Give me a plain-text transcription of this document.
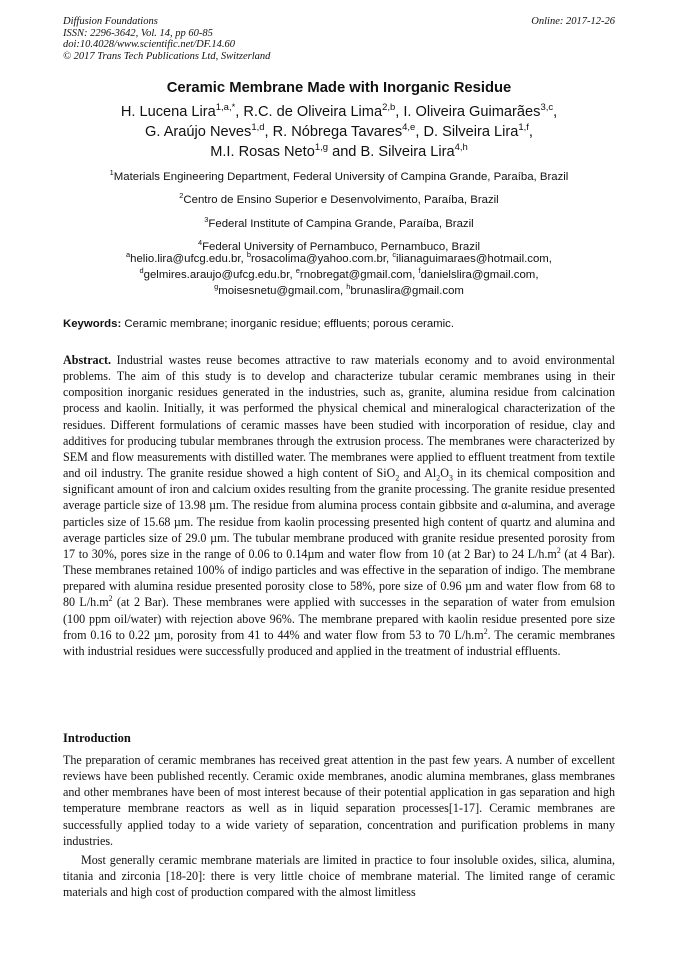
Diffusion Foundations
ISSN: 2296-3642, Vol. 14, pp 60-85
doi:10.4028/www.scientific.net/DF.14.60
© 2017 Trans Tech Publications Ltd, Switzerland
Online: 2017-12-26
Ceramic Membrane Made with Inorganic Residue
H. Lucena Lira$^{1,a,*}$, R.C. de Oliveira Lima$^{2,b}$, I. Oliveira Guimarães$^{3,c}$,
G. Araújo Neves$^{1,d}$, R. Nóbrega Tavares$^{4,e}$, D. Silveira Lira$^{1,f}$,
M.I. Rosas Neto$^{1,g}$ and B. Silveira Lira$^{4,h}$
$^1$Materials Engineering Department, Federal University of Campina Grande, Paraíba, Brazil
$^2$Centro de Ensino Superior e Desenvolvimento, Paraíba, Brazil
$^3$Federal Institute of Campina Grande, Paraíba, Brazil
$^4$Federal University of Pernambuco, Pernambuco, Brazil
$^a$helio.lira@ufcg.edu.br, $^b$rosacolima@yahoo.com.br, $^c$ilianaguimaraes@hotmail.com,
$^d$gelmires.araujo@ufcg.edu.br, $^e$rnobregat@gmail.com, $^f$danielslira@gmail.com,
$^g$moisesnetu@gmail.com, $^h$brunaslira@gmail.com
Keywords: Ceramic membrane; inorganic residue; effluents; porous ceramic.
Abstract. Industrial wastes reuse becomes attractive to raw materials economy and to avoid environmental problems. The aim of this study is to develop and characterize tubular ceramic membranes using in their composition inorganic residues generated in the industries, such as, granite, alumina residue from calcination process and kaolin. Initially, it was performed the physical chemical and mineralogical characterization of the residues. Different formulations of ceramic masses have been studied with incorporation of residue, clay and additives for producing tubular membranes through the extrusion process. The membranes were characterized by SEM and flow measurements with distilled water. The membranes were applied to effluent treatment from textile and oil industry. The granite residue showed a high content of SiO$_2$ and $Al_2O_3$ in its chemical composition and significant amount of iron and calcium oxides resulting from the granite processing. The granite residue presented average particle size of 13.98 µm. The residue from alumina process contain gibbsite and α-alumina, and average particles size of 15.68 µm. The residue from kaolin processing presented high content of quartz and alumina and average particles size of 29.0 µm. The tubular membrane produced with granite residue presented porosity from 17 to 30%, pores size in the range of 0.06 to 0.14µm and water flow from 10 (at 2 Bar) to 24 $L/h.m^2$ (at 4 Bar). These membranes retained 100% of indigo particles and was effective in the separation of indigo. The membrane prepared with alumina residue presented porosity close to 58%, pore size of 0.96 µm and water flow from 68 to 80 $L/h.m^2$ (at 2 Bar). These membranes were applied with successes in the separation of water from emulsion (100 ppm oil/water) with rejection above 96%. The membrane prepared with kaolin residue presented pore size from 0.16 to 0.22 µm, porosity from 41 to 44% and water flow from 53 to 70 $L/h.m^2$. The ceramic membranes with industrial residues were successfully produced and applied in the treatment of industrial effluents.
Introduction

The preparation of ceramic membranes has received great attention in the past few years. A number of excellent reviews have been published recently. Ceramic oxide membranes, anodic alumina membranes, glass membranes and other membranes have been of most interest because of their potential application in gas separation and high temperature membrane reactors as well as in liquid separation processes[1-17]. Ceramic membranes are successfully applied today to a wide variety of separation, concentration and purification problems in many industries.

Most generally ceramic membrane materials are limited in practice to four insoluble oxides, silica, alumina, titania and zirconia [18-20]: there is very little choice of membrane material. The limited range of ceramic materials and high cost of production compared with the almost limitless
